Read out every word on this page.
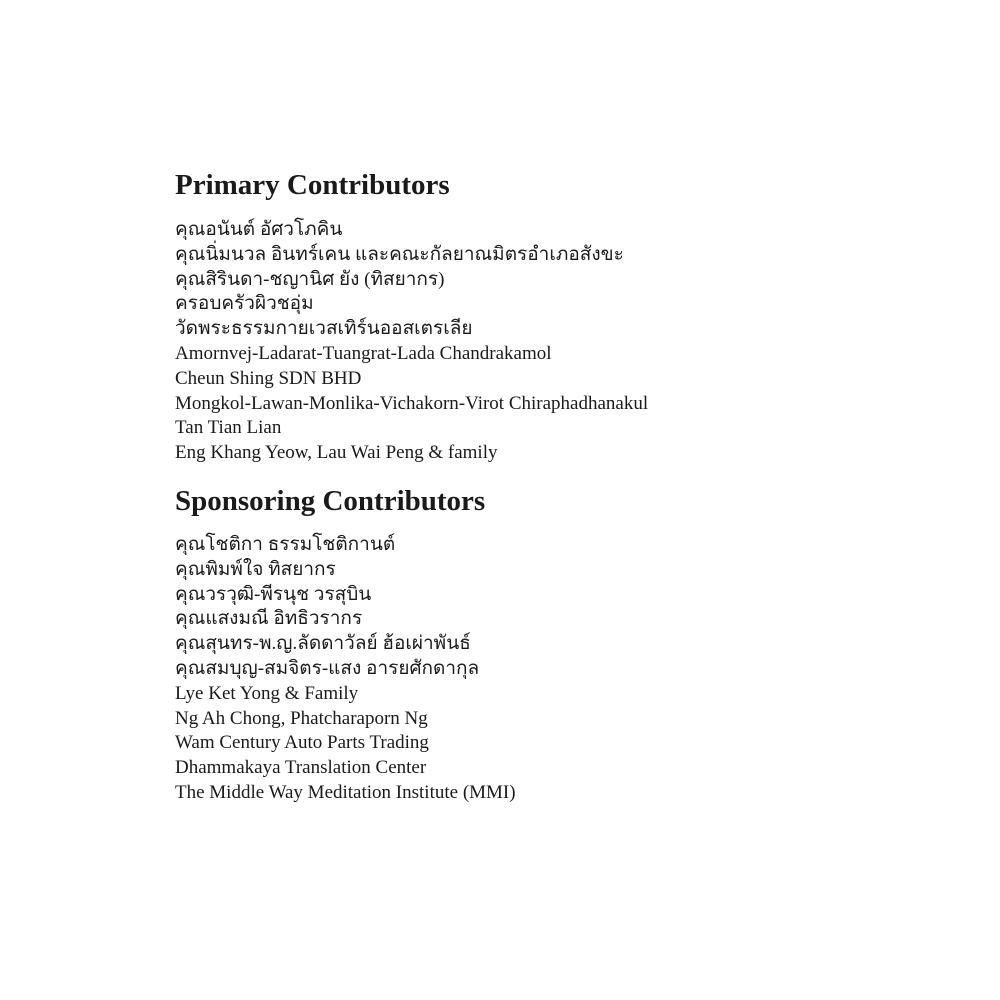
Primary Contributors
คุณอนันต์ อัศวโภคิน
คุณนิ่มนวล อินทร์เคน และคณะกัลยาณมิตรอำเภอสังขะ
คุณสิรินดา-ชญานิศ ยัง (ทิสยากร)
ครอบครัวผิวชอุ่ม
วัดพระธรรมกายเวสเทิร์นออสเตรเลีย
Amornvej-Ladarat-Tuangrat-Lada Chandrakamol
Cheun Shing SDN BHD
Mongkol-Lawan-Monlika-Vichakorn-Virot Chiraphadhanakul
Tan Tian Lian
Eng Khang Yeow, Lau Wai Peng & family
Sponsoring Contributors
คุณโชติกา ธรรมโชติกานต์
คุณพิมพ์ใจ ทิสยากร
คุณวรวุฒิ-พีรนุช วรสุบิน
คุณแสงมณี อิทธิวรากร
คุณสุนทร-พ.ญ.ลัดดาวัลย์ ฮ้อเผ่าพันธ์
คุณสมบุญ-สมจิตร-แสง อารยศักดากุล
Lye Ket Yong & Family
Ng Ah Chong, Phatcharaporn Ng
Wam Century Auto Parts Trading
Dhammakaya Translation Center
The Middle Way Meditation Institute (MMI)
